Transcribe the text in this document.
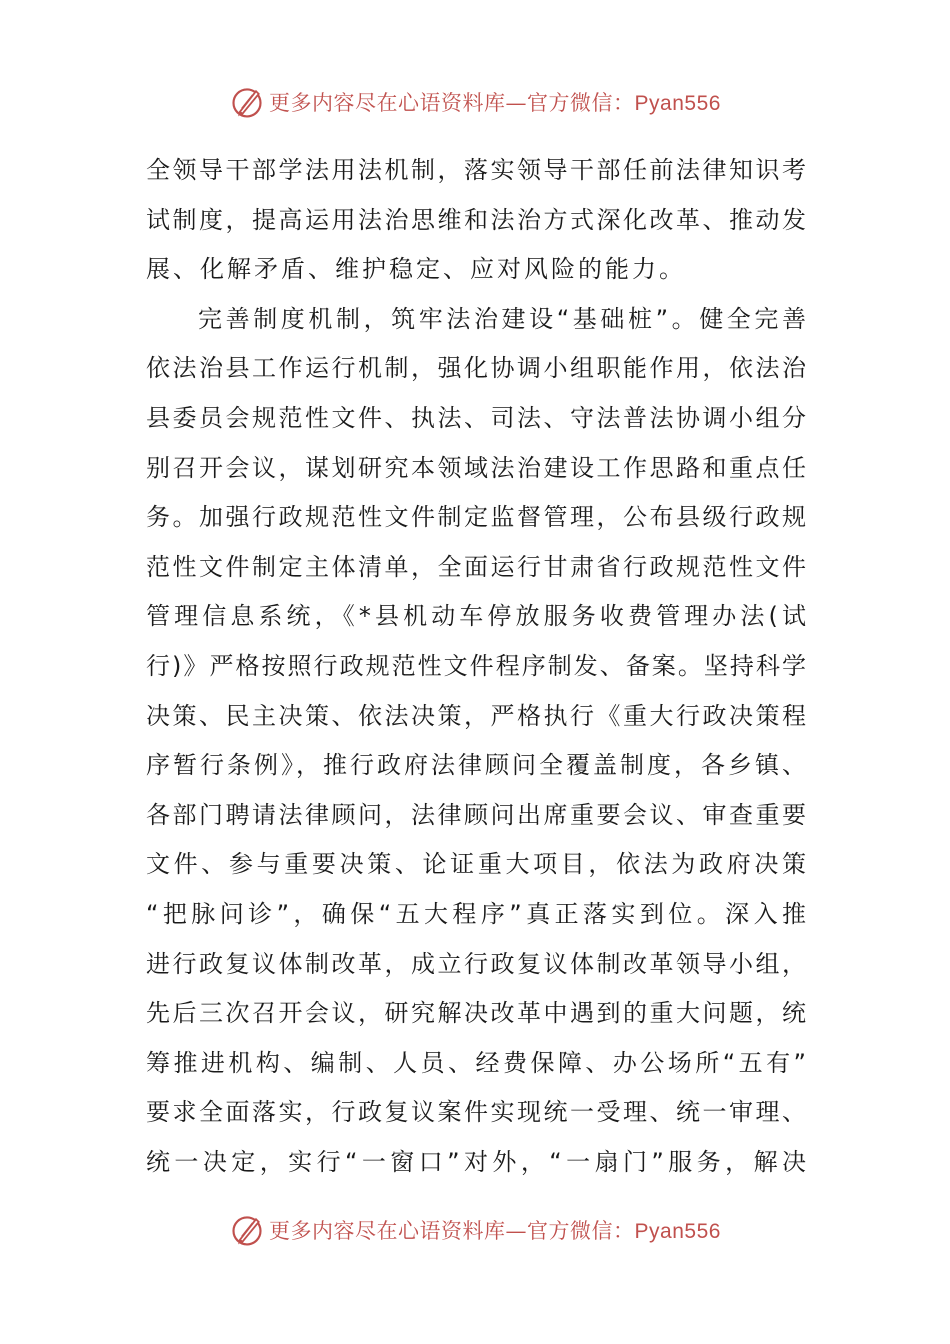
更多内容尽在心语资料库—官方微信：Pyan556
全领导干部学法用法机制，落实领导干部任前法律知识考
试制度，提高运用法治思维和法治方式深化改革、推动发
展、化解矛盾、维护稳定、应对风险的能力。
完善制度机制，筑牢法治建设“基础桩”。健全完善
依法治县工作运行机制，强化协调小组职能作用，依法治
县委员会规范性文件、执法、司法、守法普法协调小组分
别召开会议，谋划研究本领域法治建设工作思路和重点任
务。加强行政规范性文件制定监督管理，公布县级行政规
范性文件制定主体清单，全面运行甘肃省行政规范性文件
管理信息系统，《*县机动车停放服务收费管理办法(试
行)》严格按照行政规范性文件程序制发、备案。坚持科学
决策、民主决策、依法决策，严格执行《重大行政决策程
序暂行条例》，推行政府法律顾问全覆盖制度，各乡镇、
各部门聘请法律顾问，法律顾问出席重要会议、审查重要
文件、参与重要决策、论证重大项目，依法为政府决策
“把脉问诊”，确保“五大程序”真正落实到位。深入推
进行政复议体制改革，成立行政复议体制改革领导小组，
先后三次召开会议，研究解决改革中遇到的重大问题，统
筹推进机构、编制、人员、经费保障、办公场所“五有”
要求全面落实，行政复议案件实现统一受理、统一审理、
统一决定，实行“一窗口”对外，“一扇门”服务，解决
更多内容尽在心语资料库—官方微信：Pyan556
